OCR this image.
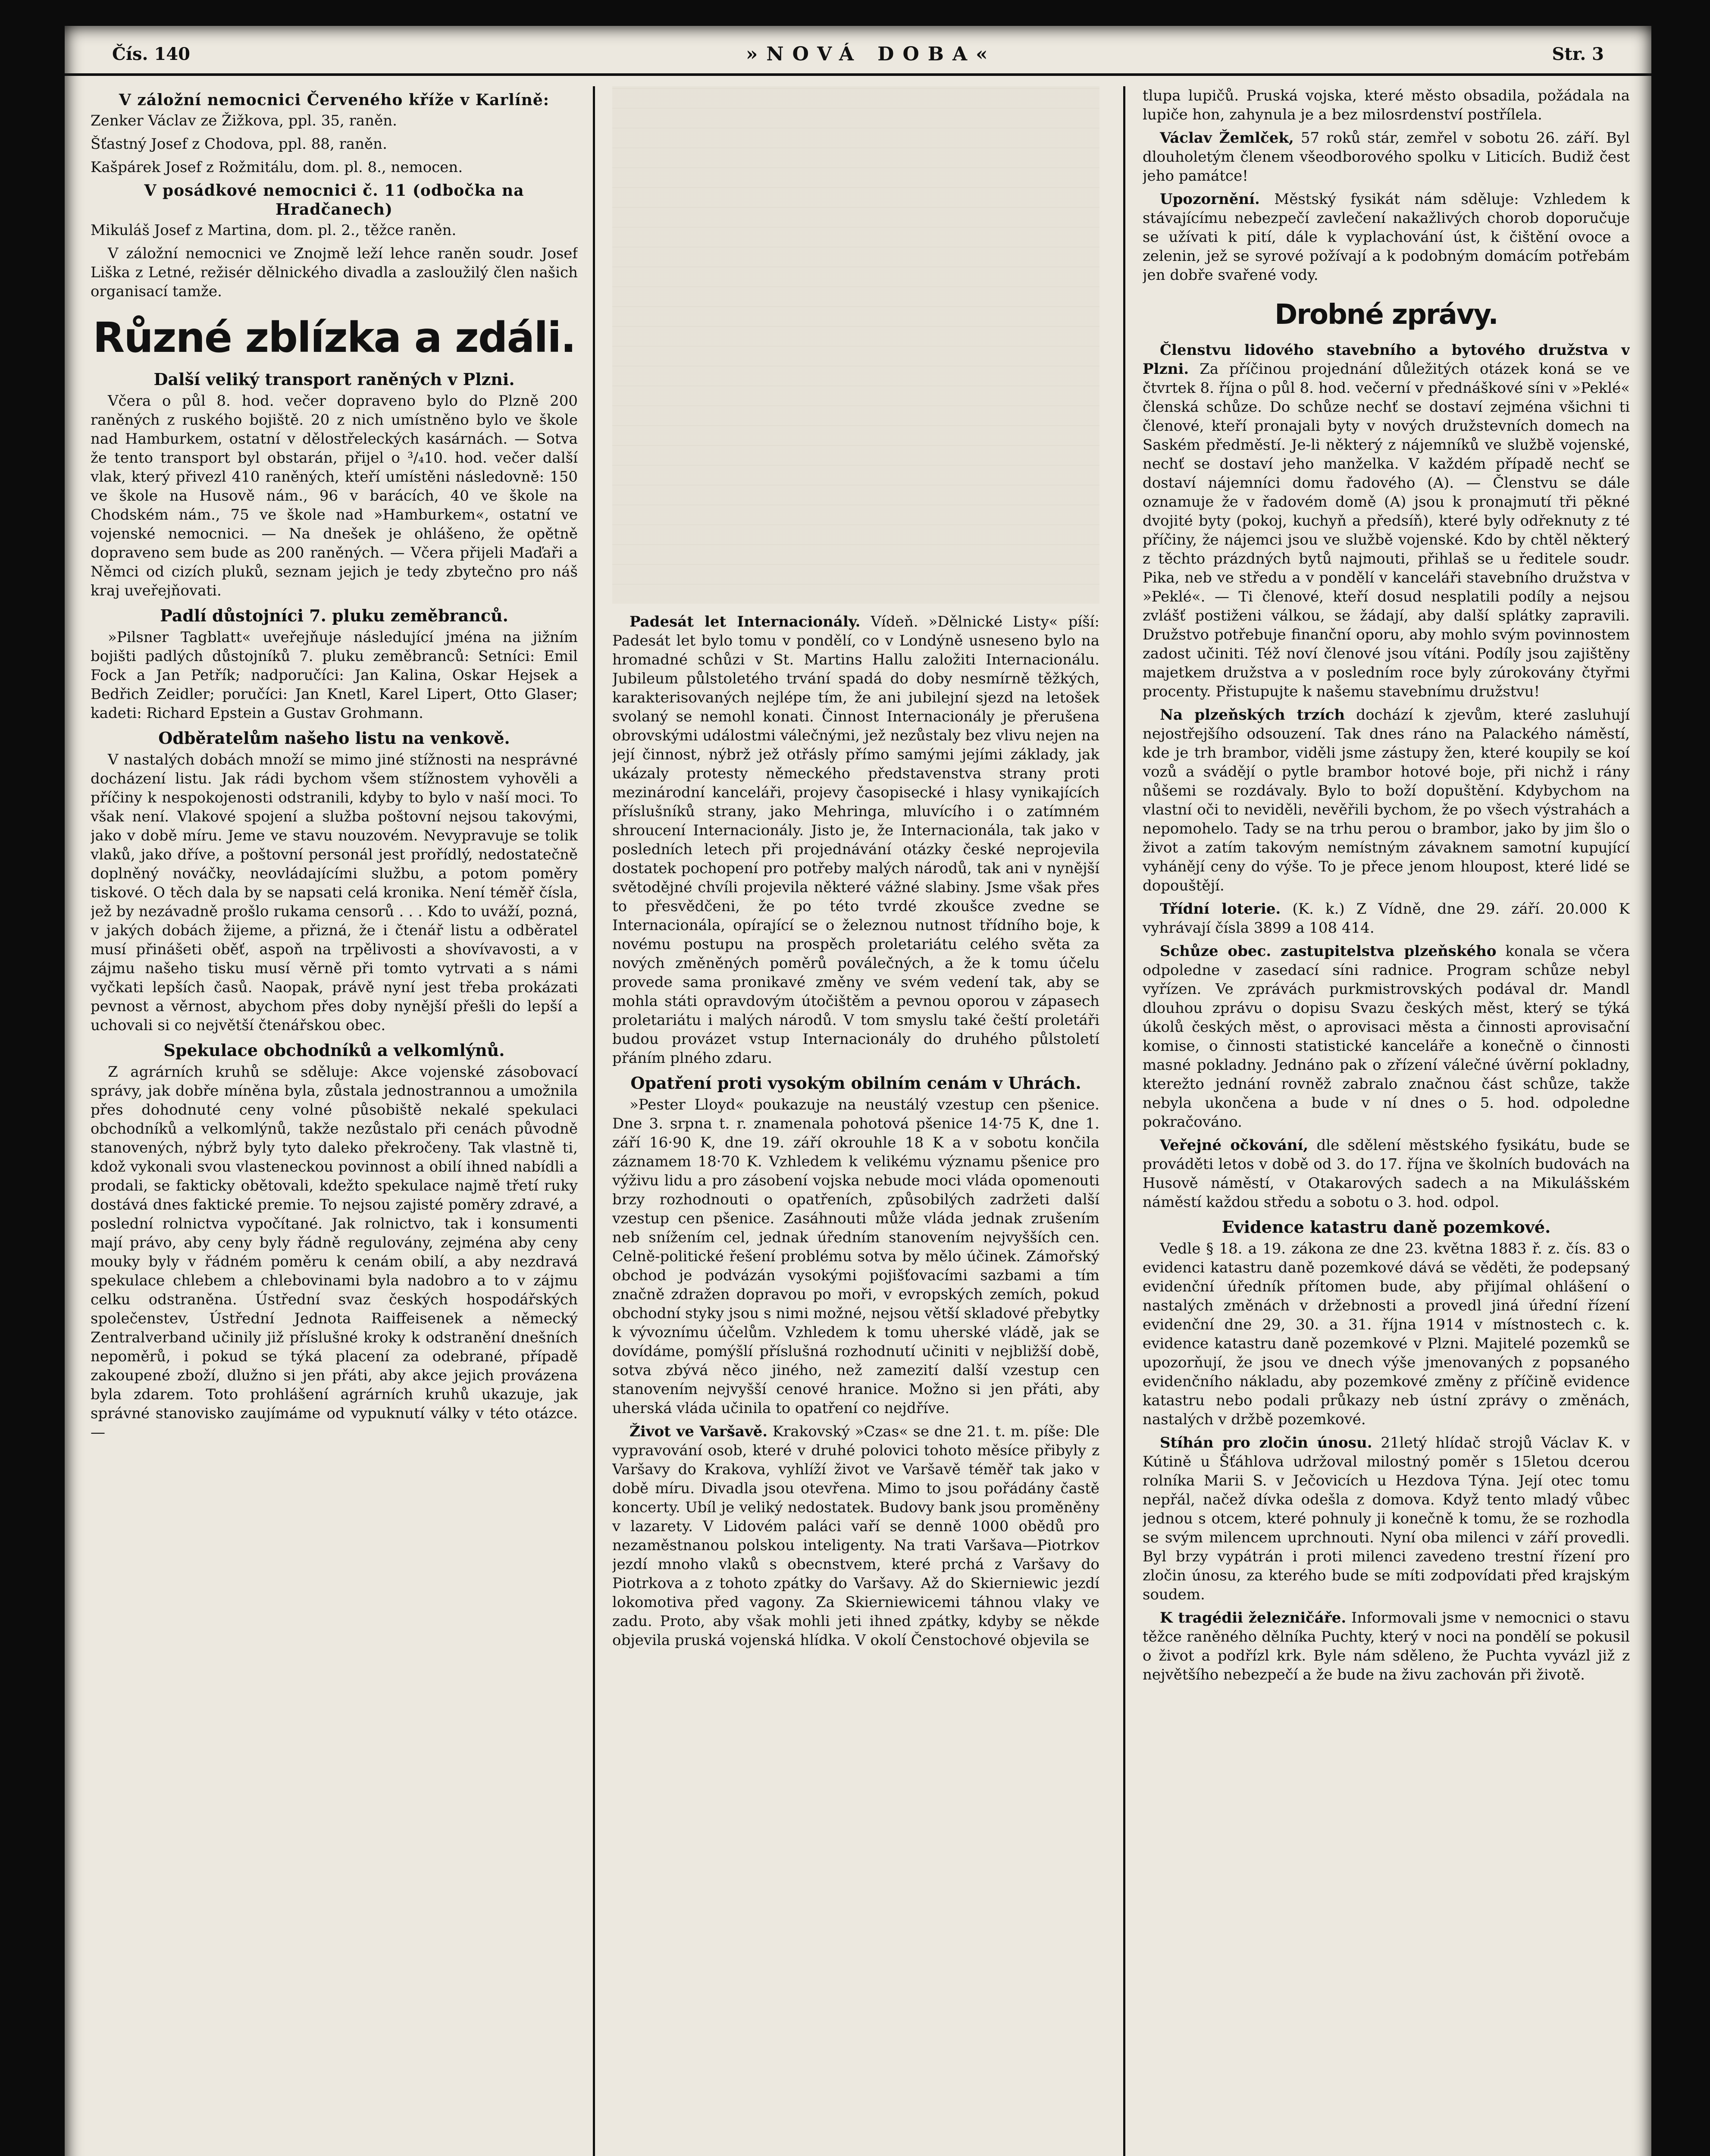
Čís. 140	»NOVÁ DOBA«	Str. 3
V záložní nemocnici Červeného kříže v Karlíně:

Zenker Václav ze Žižkova, ppl. 35, raněn.

Šťastný Josef z Chodova, ppl. 88, raněn.

Kašpárek Josef z Rožmitálu, dom. pl. 8., nemocen.

V posádkové nemocnici č. 11 (odbočka na Hradčanech)

Mikuláš Josef z Martina, dom. pl. 2., těžce raněn.

V záložní nemocnici ve Znojmě leží lehce raněn soudr. Josef Liška z Letné, režisér dělnického divadla a zasloužilý člen našich organisací tamže.

Různé zblízka a zdáli.
Další veliký transport raněných v Plzni.

Včera o půl 8. hod. večer dopraveno bylo do Plzně 200 raněných z ruského bojiště. 20 z nich umístněno bylo ve škole nad Hamburkem, ostatní v dělostřeleckých kasárnách. — Sotva že tento transport byl obstarán, přijel o ³/₄10. hod. večer další vlak, který přivezl 410 raněných, kteří umístěni následovně: 150 ve škole na Husově nám., 96 v barácích, 40 ve škole na Chodském nám., 75 ve škole nad »Hamburkem«, ostatní ve vojenské nemocnici. — Na dnešek je ohlášeno, že opětně dopraveno sem bude as 200 raněných. — Včera přijeli Maďaři a Němci od cizích pluků, seznam jejich je tedy zbytečno pro náš kraj uveřejňovati.

Padlí důstojníci 7. pluku zeměbranců.

»Pilsner Tagblatt« uveřejňuje následující jména na jižním bojišti padlých důstojníků 7. pluku zeměbranců: Setníci: Emil Fock a Jan Petřík; nadporučíci: Jan Kalina, Oskar Hejsek a Bedřich Zeidler; poručíci: Jan Knetl, Karel Lipert, Otto Glaser; kadeti: Richard Epstein a Gustav Grohmann.

Odběratelům našeho listu na venkově.

V nastalých dobách množí se mimo jiné stížnosti na nesprávné docházení listu. Jak rádi bychom všem stížnostem vyhověli a příčiny k nespokojenosti odstranili, kdyby to bylo v naší moci. To však není. Vlakové spojení a služba poštovní nejsou takovými, jako v době míru. Jeme ve stavu nouzovém. Nevypravuje se tolik vlaků, jako dříve, a poštovní personál jest prořídlý, nedostatečně doplněný nováčky, neovládajícími službu, a potom poměry tiskové. O těch dala by se napsati celá kronika. Není téměř čísla, jež by nezávadně prošlo rukama censorů . . . Kdo to uváží, pozná, v jakých dobách žijeme, a přizná, že i čtenář listu a odběratel musí přinášeti oběť, aspoň na trpělivosti a shovívavosti, a v zájmu našeho tisku musí věrně při tomto vytrvati a s námi vyčkati lepších časů. Naopak, právě nyní jest třeba prokázati pevnost a věrnost, abychom přes doby nynější přešli do lepší a uchovali si co největší čtenářskou obec.

Spekulace obchodníků a velkomlýnů.

Z agrárních kruhů se sděluje: Akce vojenské zásobovací správy, jak dobře míněna byla, zůstala jednostrannou a umožnila přes dohodnuté ceny volné působiště nekalé spekulaci obchodníků a velkomlýnů, takže nezůstalo při cenách původně stanovených, nýbrž byly tyto daleko překročeny. Tak vlastně ti, kdož vykonali svou vlasteneckou povinnost a obilí ihned nabídli a prodali, se fakticky obětovali, kdežto spekulace najmě třetí ruky dostává dnes faktické premie. To nejsou zajisté poměry zdravé, a poslední rolnictva vypočítané. Jak rolnictvo, tak i konsumenti mají právo, aby ceny byly řádně regulovány, zejména aby ceny mouky byly v řádném poměru k cenám obilí, a aby nezdravá spekulace chlebem a chlebovinami byla nadobro a to v zájmu celku odstraněna. Ústřední svaz českých hospodářských společenstev, Ústřední Jednota Raiffeisenek a německý Zentralverband učinily již příslušné kroky k odstranění dnešních nepoměrů, i pokud se týká placení za odebrané, případě zakoupené zboží, dlužno si jen přáti, aby akce jejich provázena byla zdarem. Toto prohlášení agrárních kruhů ukazuje, jak správné stanovisko zaujímáme od vypuknutí války v této otázce. —

Padesát let Internacionály. Vídeň. »Dělnické Listy« píší: Padesát let bylo tomu v pondělí, co v Londýně usneseno bylo na hromadné schůzi v St. Martins Hallu založiti Internacionálu. Jubileum půlstoletého trvání spadá do doby nesmírně těžkých, karakterisovaných nejlépe tím, že ani jubilejní sjezd na letošek svolaný se nemohl konati. Činnost Internacionály je přerušena obrovskými událostmi válečnými, jež nezůstaly bez vlivu nejen na její činnost, nýbrž jež otřásly přímo samými jejími základy, jak ukázaly protesty německého představenstva strany proti mezinárodní kanceláři, projevy časopisecké i hlasy vynikajících příslušníků strany, jako Mehringa, mluvícího i o zatímném shroucení Internacionály. Jisto je, že Internacionála, tak jako v posledních letech při projednávání otázky české neprojevila dostatek pochopení pro potřeby malých národů, tak ani v nynější světodějné chvíli projevila některé vážné slabiny. Jsme však přes to přesvědčeni, že po této tvrdé zkoušce zvedne se Internacionála, opírající se o železnou nutnost třídního boje, k novému postupu na prospěch proletariátu celého světa za nových změněných poměrů poválečných, a že k tomu účelu provede sama pronikavé změny ve svém vedení tak, aby se mohla státi opravdovým útočištěm a pevnou oporou v zápasech proletariátu i malých národů. V tom smyslu také čeští proletáři budou provázet vstup Internacionály do druhého půlstoletí přáním plného zdaru.

Opatření proti vysokým obilním cenám v Uhrách.

»Pester Lloyd« poukazuje na neustálý vzestup cen pšenice. Dne 3. srpna t. r. znamenala pohotová pšenice 14·75 K, dne 1. září 16·90 K, dne 19. září okrouhle 18 K a v sobotu končila záznamem 18·70 K. Vzhledem k velikému významu pšenice pro výživu lidu a pro zásobení vojska nebude moci vláda opomenouti brzy rozhodnouti o opatřeních, způsobilých zadržeti další vzestup cen pšenice. Zasáhnouti může vláda jednak zrušením neb snížením cel, jednak úředním stanovením nejvyšších cen. Celně-politické řešení problému sotva by mělo účinek. Zámořský obchod je podvázán vysokými pojišťovacími sazbami a tím značně zdražen dopravou po moři, v evropských zemích, pokud obchodní styky jsou s nimi možné, nejsou větší skladové přebytky k vývoznímu účelům. Vzhledem k tomu uherské vládě, jak se dovídáme, pomýšlí příslušná rozhodnutí učiniti v nejbližší době, sotva zbývá něco jiného, než zamezití další vzestup cen stanovením nejvyšší cenové hranice. Možno si jen přáti, aby uherská vláda učinila to opatření co nejdříve.

Život ve Varšavě. Krakovský »Czas« se dne 21. t. m. píše: Dle vypravování osob, které v druhé polovici tohoto měsíce přibyly z Varšavy do Krakova, vyhlíží život ve Varšavě téměř tak jako v době míru. Divadla jsou otevřena. Mimo to jsou pořádány častě koncerty. Ubíl je veliký nedostatek. Budovy bank jsou proměněny v lazarety. V Lidovém paláci vaří se denně 1000 obědů pro nezaměstnanou polskou inteligenty. Na trati Varšava—Piotrkov jezdí mnoho vlaků s obecnstvem, které prchá z Varšavy do Piotrkova a z tohoto zpátky do Varšavy. Až do Skierniewic jezdí lokomotiva před vagony. Za Skierniewicemi táhnou vlaky ve zadu. Proto, aby však mohli jeti ihned zpátky, kdyby se někde objevila pruská vojenská hlídka. V okolí Čenstochové objevila se

tlupa lupičů. Pruská vojska, které město obsadila, požádala na lupiče hon, zahynula je a bez milosrdenství postřílela.

Václav Žemlček, 57 roků stár, zemřel v sobotu 26. září. Byl dlouholetým členem všeodborového spolku v Liticích. Budiž čest jeho památce!

Upozornění. Městský fysikát nám sděluje: Vzhledem k stávajícímu nebezpečí zavlečení nakažlivých chorob doporučuje se užívati k pití, dále k vyplachování úst, k čištění ovoce a zelenin, jež se syrové požívají a k podobným domácím potřebám jen dobře svařené vody.

Drobné zprávy.

Členstvu lidového stavebního a bytového družstva v Plzni. Za příčinou projednání důležitých otázek koná se ve čtvrtek 8. října o půl 8. hod. večerní v přednáškové síni v »Peklé« členská schůze. Do schůze nechť se dostaví zejména všichni ti členové, kteří pronajali byty v nových družstevních domech na Saském předměstí. Je-li některý z nájemníků ve službě vojenské, nechť se dostaví jeho manželka. V každém případě nechť se dostaví nájemníci domu řadového (A). — Členstvu se dále oznamuje že v řadovém domě (A) jsou k pronajmutí tři pěkné dvojité byty (pokoj, kuchyň a předsíň), které byly odřeknuty z té příčiny, že nájemci jsou ve službě vojenské. Kdo by chtěl některý z těchto prázdných bytů najmouti, přihlaš se u ředitele soudr. Pika, neb ve středu a v pondělí v kanceláři stavebního družstva v »Peklé«. — Ti členové, kteří dosud nesplatili podíly a nejsou zvlášť postiženi válkou, se žádají, aby další splátky zapravili. Družstvo potřebuje finanční oporu, aby mohlo svým povinnostem zadost učiniti. Též noví členové jsou vítáni. Podíly jsou zajištěny majetkem družstva a v posledním roce byly zúrokovány čtyřmi procenty. Přistupujte k našemu stavebnímu družstvu!

Na plzeňských trzích dochází k zjevům, které zasluhují nejostřejšího odsouzení. Tak dnes ráno na Palackého náměstí, kde je trh brambor, viděli jsme zástupy žen, které koupily se koí vozů a svádějí o pytle brambor hotové boje, při nichž i rány nůšemi se rozdávaly. Bylo to boží dopuštění. Kdybychom na vlastní oči to neviděli, nevěřili bychom, že po všech výstrahách a nepomohelo. Tady se na trhu perou o brambor, jako by jim šlo o život a zatím takovým nemístným závaknem samotní kupující vyhánějí ceny do výše. To je přece jenom hloupost, které lidé se dopouštějí.

Třídní loterie. (K. k.) Z Vídně, dne 29. září. 20.000 K vyhrávají čísla 3899 a 108 414.

Schůze obec. zastupitelstva plzeňského konala se včera odpoledne v zasedací síni radnice. Program schůze nebyl vyřízen. Ve zprávách purkmistrovských podával dr. Mandl dlouhou zprávu o dopisu Svazu českých měst, který se týká úkolů českých měst, o aprovisaci města a činnosti aprovisační komise, o činnosti statistické kanceláře a konečně o činnosti masné pokladny. Jednáno pak o zřízení válečné úvěrní pokladny, kterežto jednání rovněž zabralo značnou část schůze, takže nebyla ukončena a bude v ní dnes o 5. hod. odpoledne pokračováno.

Veřejné očkování, dle sdělení městského fysikátu, bude se prováděti letos v době od 3. do 17. října ve školních budovách na Husově náměstí, v Otakarových sadech a na Mikulášském náměstí každou středu a sobotu o 3. hod. odpol.

Evidence katastru daně pozemkové.

Vedle § 18. a 19. zákona ze dne 23. května 1883 ř. z. čís. 83 o evidenci katastru daně pozemkové dává se věděti, že podepsaný evidenční úředník přítomen bude, aby přijímal ohlášení o nastalých změnách v držebnosti a provedl jiná úřední řízení evidenční dne 29, 30. a 31. října 1914 v místnostech c. k. evidence katastru daně pozemkové v Plzni. Majitelé pozemků se upozorňují, že jsou ve dnech výše jmenovaných z popsaného evidenčního nákladu, aby pozemkové změny z příčině evidence katastru nebo podali průkazy neb ústní zprávy o změnách, nastalých v držbě pozemkové.

Stíhán pro zločin únosu. 21letý hlídač strojů Václav K. v Kútině u Šťáhlova udržoval milostný poměr s 15letou dcerou rolníka Marii S. v Ječovicích u Hezdova Týna. Její otec tomu nepřál, načež dívka odešla z domova. Když tento mladý vůbec jednou s otcem, které pohnuly ji konečně k tomu, že se rozhodla se svým milencem uprchnouti. Nyní oba milenci v září provedli. Byl brzy vypátrán i proti milenci zavedeno trestní řízení pro zločin únosu, za kterého bude se míti zodpovídati před krajským soudem.

K tragédii železničáře. Informovali jsme v nemocnici o stavu těžce raněného dělníka Puchty, který v noci na pondělí se pokusil o život a podřízl krk. Byle nám sděleno, že Puchta vyvázl již z největšího nebezpečí a že bude na živu zachován při životě.
